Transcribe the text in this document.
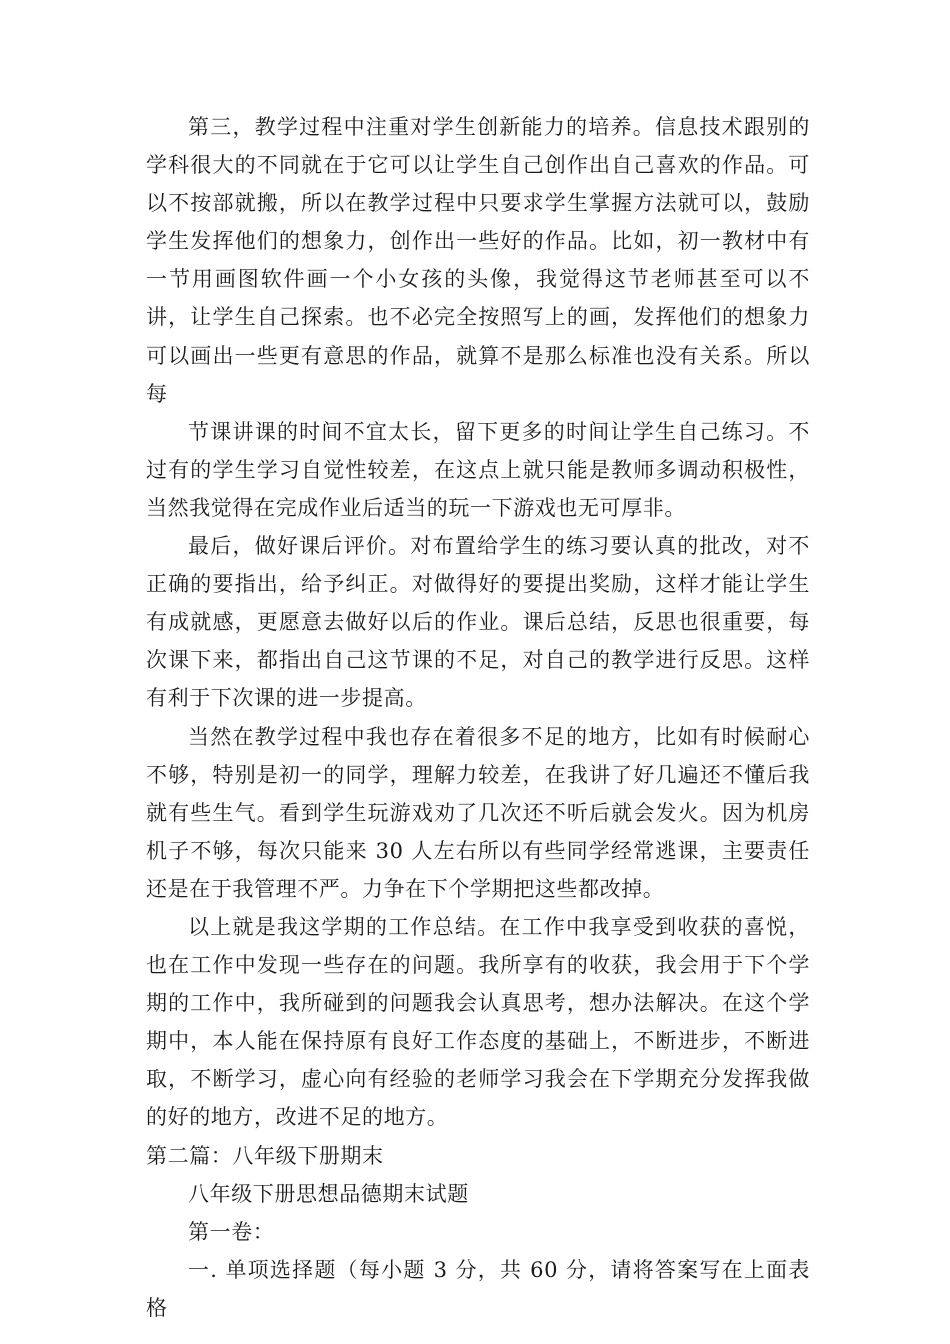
第三，教学过程中注重对学生创新能力的培养。信息技术跟别的学科很大的不同就在于它可以让学生自己创作出自己喜欢的作品。可以不按部就搬，所以在教学过程中只要求学生掌握方法就可以，鼓励学生发挥他们的想象力，创作出一些好的作品。比如，初一教材中有一节用画图软件画一个小女孩的头像，我觉得这节老师甚至可以不讲，让学生自己探索。也不必完全按照写上的画，发挥他们的想象力可以画出一些更有意思的作品，就算不是那么标准也没有关系。所以每

节课讲课的时间不宜太长，留下更多的时间让学生自己练习。不过有的学生学习自觉性较差，在这点上就只能是教师多调动积极性，当然我觉得在完成作业后适当的玩一下游戏也无可厚非。

最后，做好课后评价。对布置给学生的练习要认真的批改，对不正确的要指出，给予纠正。对做得好的要提出奖励，这样才能让学生有成就感，更愿意去做好以后的作业。课后总结，反思也很重要，每次课下来，都指出自己这节课的不足，对自己的教学进行反思。这样有利于下次课的进一步提高。

当然在教学过程中我也存在着很多不足的地方，比如有时候耐心不够，特别是初一的同学，理解力较差，在我讲了好几遍还不懂后我就有些生气。看到学生玩游戏劝了几次还不听后就会发火。因为机房机子不够，每次只能来 30 人左右所以有些同学经常逃课，主要责任还是在于我管理不严。力争在下个学期把这些都改掉。

以上就是我这学期的工作总结。在工作中我享受到收获的喜悦，也在工作中发现一些存在的问题。我所享有的收获，我会用于下个学期的工作中，我所碰到的问题我会认真思考，想办法解决。在这个学期中，本人能在保持原有良好工作态度的基础上，不断进步，不断进取，不断学习，虚心向有经验的老师学习我会在下学期充分发挥我做的好的地方，改进不足的地方。

第二篇：八年级下册期末

八年级下册思想品德期末试题

第一卷：

一. 单项选择题（每小题 3 分，共 60 分，请将答案写在上面表格
